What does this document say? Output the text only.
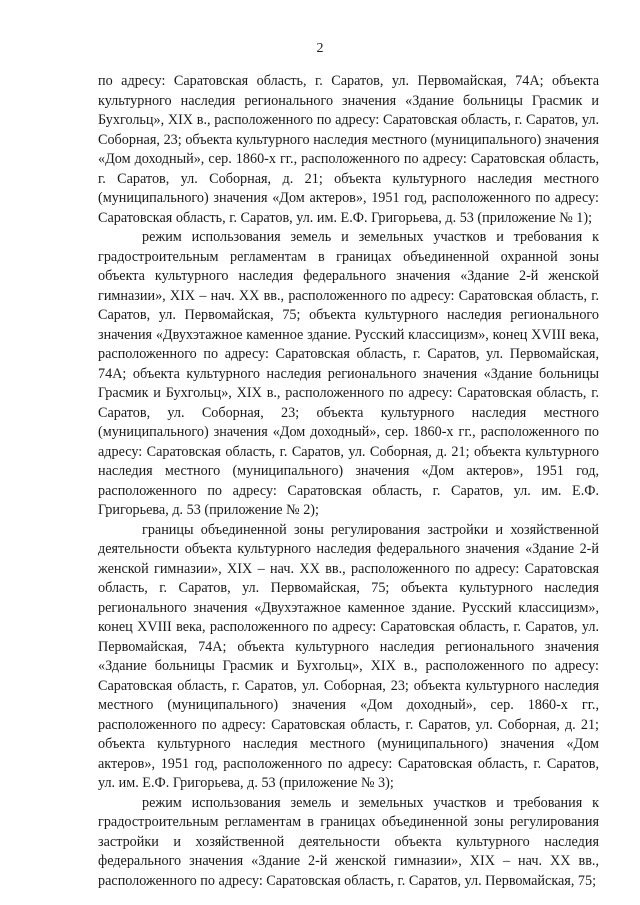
2

по адресу: Саратовская область, г. Саратов, ул. Первомайская, 74А; объекта культурного наследия регионального значения «Здание больницы Грасмик и Бухгольц», XIX в., расположенного по адресу: Саратовская область, г. Саратов, ул. Соборная, 23; объекта культурного наследия местного (муниципального) значения «Дом доходный», сер. 1860-х гг., расположенного по адресу: Саратовская область, г. Саратов, ул. Соборная, д. 21; объекта культурного наследия местного (муниципального) значения «Дом актеров», 1951 год, расположенного по адресу: Саратовская область, г. Саратов, ул. им. Е.Ф. Григорьева, д. 53 (приложение № 1);

режим использования земель и земельных участков и требования к градостроительным регламентам в границах объединенной охранной зоны объекта культурного наследия федерального значения «Здание 2-й женской гимназии», XIX – нач. XX вв., расположенного по адресу: Саратовская область, г. Саратов, ул. Первомайская, 75; объекта культурного наследия регионального значения «Двухэтажное каменное здание. Русский классицизм», конец XVIII века, расположенного по адресу: Саратовская область, г. Саратов, ул. Первомайская, 74А; объекта культурного наследия регионального значения «Здание больницы Грасмик и Бухгольц», XIX в., расположенного по адресу: Саратовская область, г. Саратов, ул. Соборная, 23; объекта культурного наследия местного (муниципального) значения «Дом доходный», сер. 1860-х гг., расположенного по адресу: Саратовская область, г. Саратов, ул. Соборная, д. 21; объекта культурного наследия местного (муниципального) значения «Дом актеров», 1951 год, расположенного по адресу: Саратовская область, г. Саратов, ул. им. Е.Ф. Григорьева, д. 53 (приложение № 2);

границы объединенной зоны регулирования застройки и хозяйственной деятельности объекта культурного наследия федерального значения «Здание 2-й женской гимназии», XIX – нач. XX вв., расположенного по адресу: Саратовская область, г. Саратов, ул. Первомайская, 75; объекта культурного наследия регионального значения «Двухэтажное каменное здание. Русский классицизм», конец XVIII века, расположенного по адресу: Саратовская область, г. Саратов, ул. Первомайская, 74А; объекта культурного наследия регионального значения «Здание больницы Грасмик и Бухгольц», XIX в., расположенного по адресу: Саратовская область, г. Саратов, ул. Соборная, 23; объекта культурного наследия местного (муниципального) значения «Дом доходный», сер. 1860-х гг., расположенного по адресу: Саратовская область, г. Саратов, ул. Соборная, д. 21; объекта культурного наследия местного (муниципального) значения «Дом актеров», 1951 год, расположенного по адресу: Саратовская область, г. Саратов, ул. им. Е.Ф. Григорьева, д. 53 (приложение № 3);

режим использования земель и земельных участков и требования к градостроительным регламентам в границах объединенной зоны регулирования застройки и хозяйственной деятельности объекта культурного наследия федерального значения «Здание 2-й женской гимназии», XIX – нач. XX вв., расположенного по адресу: Саратовская область, г. Саратов, ул. Первомайская, 75;
